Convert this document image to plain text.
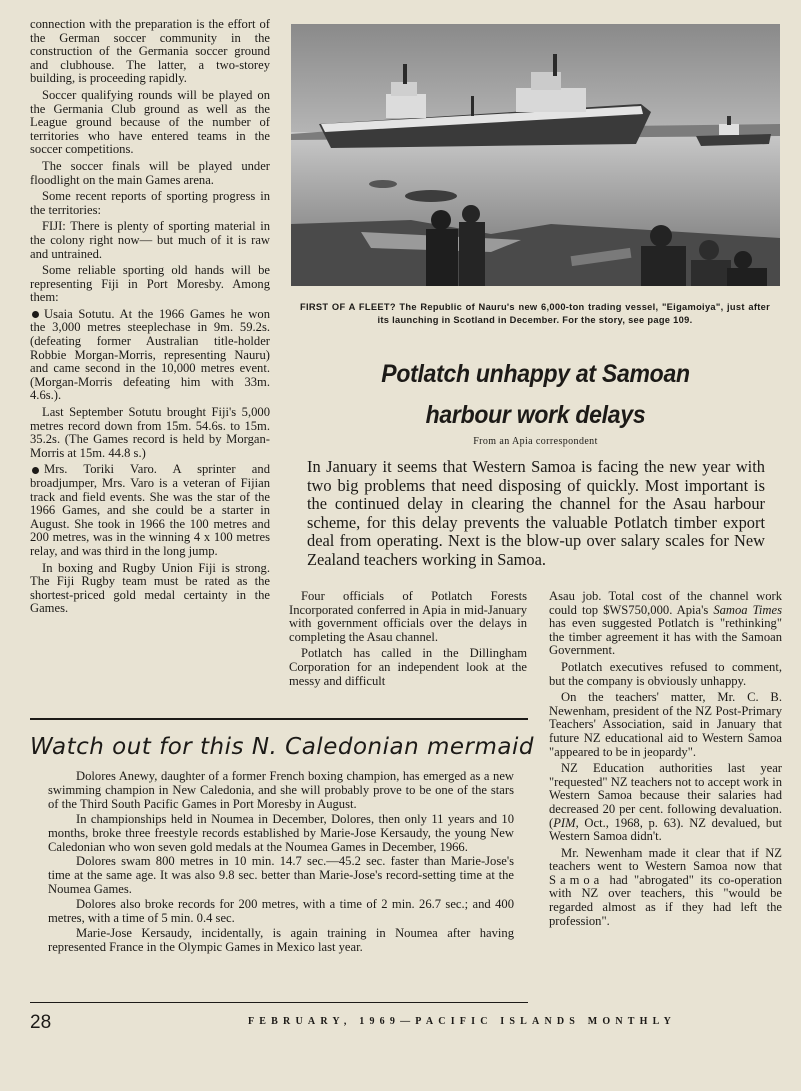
connection with the preparation is the effort of the German soccer community in the construction of the Germania soccer ground and clubhouse. The latter, a two-storey building, is proceeding rapidly.

Soccer qualifying rounds will be played on the Germania Club ground as well as the League ground because of the number of territories who have entered teams in the soccer competitions.

The soccer finals will be played under floodlight on the main Games arena.

Some recent reports of sporting progress in the territories:

FIJI: There is plenty of sporting material in the colony right now— but much of it is raw and untrained.

Some reliable sporting old hands will be representing Fiji in Port Moresby. Among them:

Usaia Sotutu. At the 1966 Games he won the 3,000 metres steeplechase in 9m. 59.2s. (defeating former Australian title-holder Robbie Morgan-Morris, representing Nauru) and came second in the 10,000 metres event. (Morgan-Morris defeating him with 33m. 4.6s.).

Last September Sotutu brought Fiji's 5,000 metres record down from 15m. 54.6s. to 15m. 35.2s. (The Games record is held by Morgan-Morris at 15m. 44.8 s.)

Mrs. Toriki Varo. A sprinter and broadjumper, Mrs. Varo is a veteran of Fijian track and field events. She was the star of the 1966 Games, and she could be a starter in August. She took in 1966 the 100 metres and 200 metres, was in the winning 4 x 100 metres relay, and was third in the long jump.

In boxing and Rugby Union Fiji is strong. The Fiji Rugby team must be rated as the shortest-priced gold medal certainty in the Games.

FIRST OF A FLEET? The Republic of Nauru's new 6,000-ton trading vessel, "Eigamoiya", just after its launching in Scotland in December. For the story, see page 109.
Potlatch unhappy at Samoan
harbour work delays
From an Apia correspondent
In January it seems that Western Samoa is facing the new year with two big problems that need disposing of quickly. Most important is the continued delay in clearing the channel for the Asau harbour scheme, for this delay prevents the valuable Potlatch timber export deal from operating. Next is the blow-up over salary scales for New Zealand teachers working in Samoa.

Four officials of Potlatch Forests Incorporated conferred in Apia in mid-January with government officials over the delays in completing the Asau channel.

Potlatch has called in the Dillingham Corporation for an independent look at the messy and difficult

Asau job. Total cost of the channel work could top $WS750,000. Apia's Samoa Times has even suggested Potlatch is "rethinking" the timber agreement it has with the Samoan Government.

Potlatch executives refused to comment, but the company is obviously unhappy.

On the teachers' matter, Mr. C. B. Newenham, president of the NZ Post-Primary Teachers' Association, said in January that future NZ educational aid to Western Samoa "appeared to be in jeopardy".

NZ Education authorities last year "requested" NZ teachers not to accept work in Western Samoa because their salaries had decreased 20 per cent. following devaluation. (PIM, Oct., 1968, p. 63). NZ devalued, but Western Samoa didn't.

Mr. Newenham made it clear that if NZ teachers went to Western Samoa now that Samoa had "abrogated" its co-operation with NZ over teachers, this "would be regarded almost as if they had left the profession".

Watch out for this N. Caledonian mermaid

Dolores Anewy, daughter of a former French boxing champion, has emerged as a new swimming champion in New Caledonia, and she will probably prove to be one of the stars of the Third South Pacific Games in Port Moresby in August.

In championships held in Noumea in December, Dolores, then only 11 years and 10 months, broke three freestyle records established by Marie-Jose Kersaudy, the young New Caledonian who won seven gold medals at the Noumea Games in December, 1966.

Dolores swam 800 metres in 10 min. 14.7 sec.—45.2 sec. faster than Marie-Jose's time at the same age. It was also 9.8 sec. better than Marie-Jose's record-setting time at the Noumea Games.

Dolores also broke records for 200 metres, with a time of 2 min. 26.7 sec.; and 400 metres, with a time of 5 min. 0.4 sec.

Marie-Jose Kersaudy, incidentally, is again training in Noumea after having represented France in the Olympic Games in Mexico last year.

28	FEBRUARY, 1969—PACIFIC ISLANDS MONTHLY
